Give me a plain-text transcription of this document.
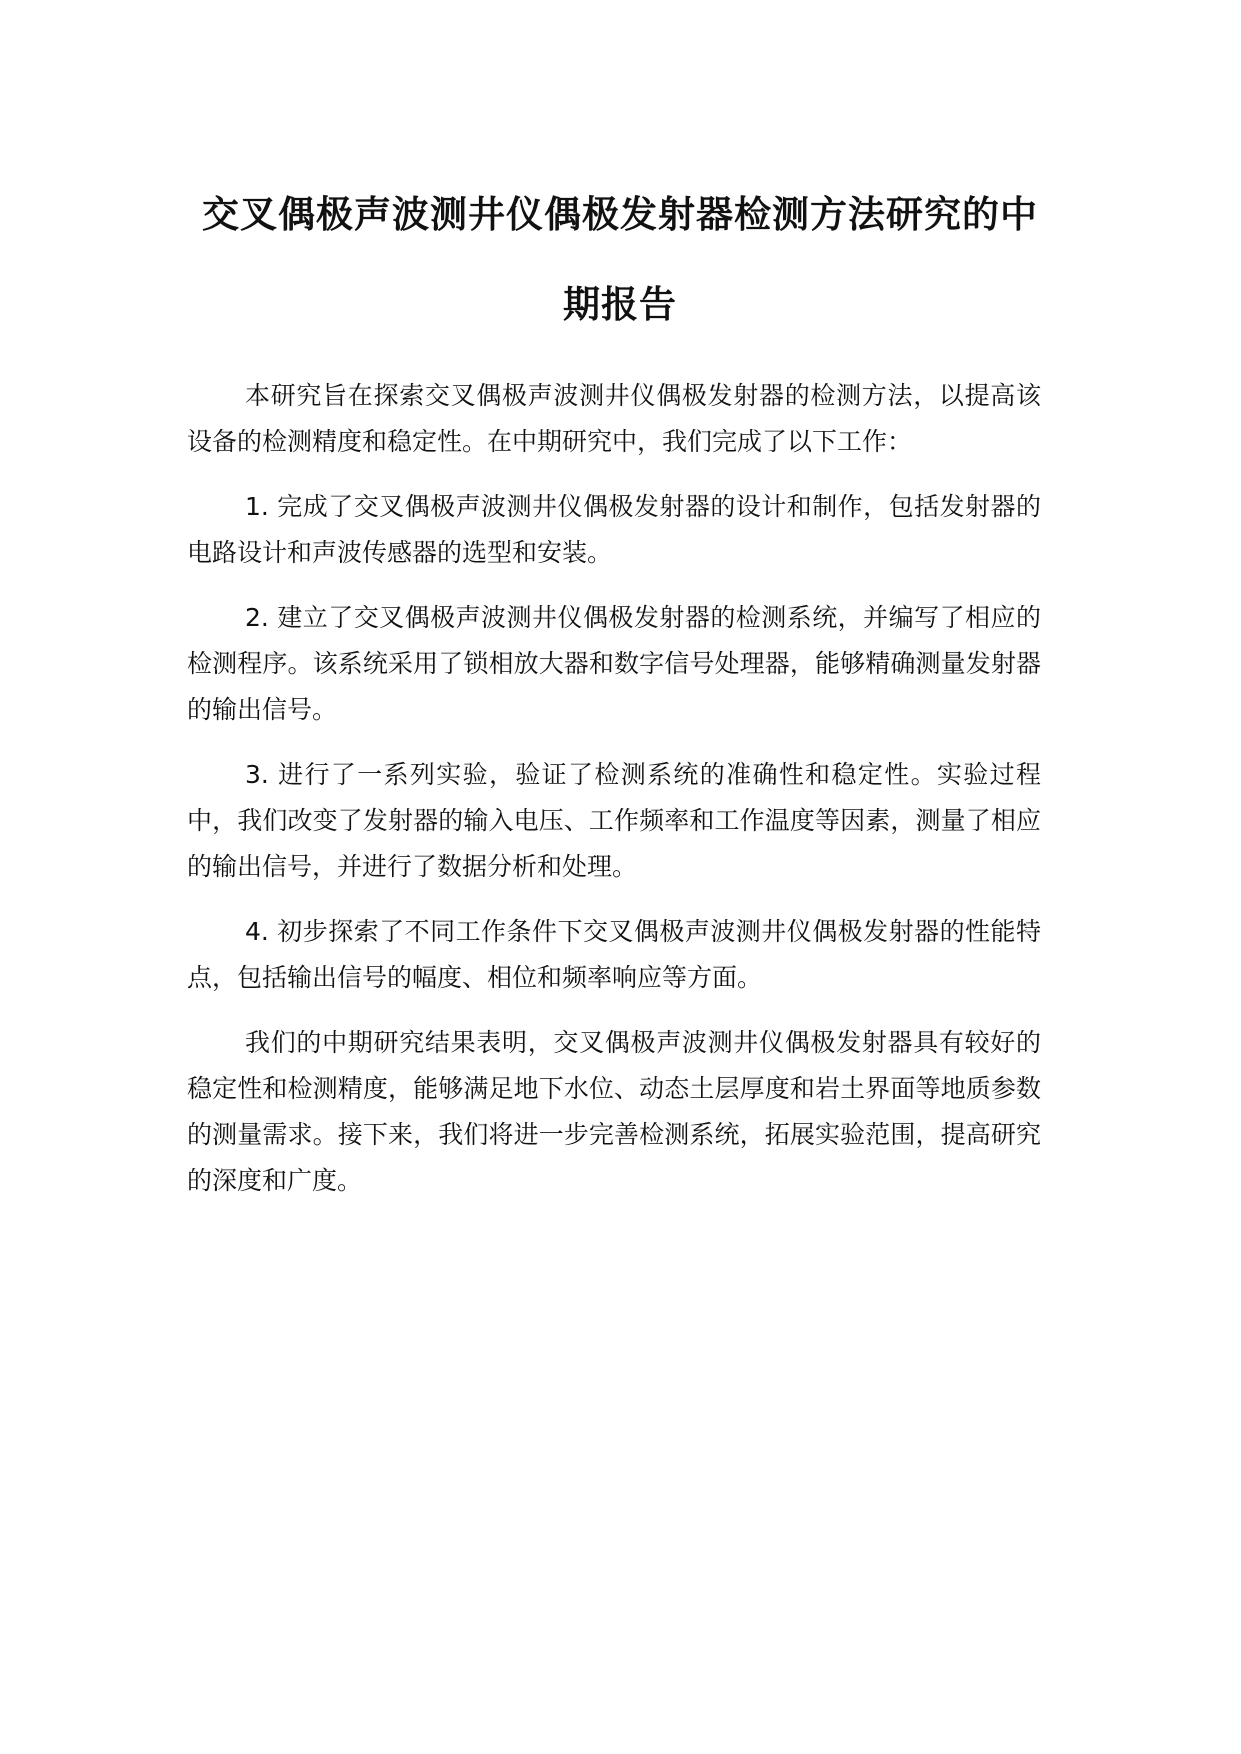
交叉偶极声波测井仪偶极发射器检测方法研究的中期报告

本研究旨在探索交叉偶极声波测井仪偶极发射器的检测方法，以提高该设备的检测精度和稳定性。在中期研究中，我们完成了以下工作：

1. 完成了交叉偶极声波测井仪偶极发射器的设计和制作，包括发射器的电路设计和声波传感器的选型和安装。

2. 建立了交叉偶极声波测井仪偶极发射器的检测系统，并编写了相应的检测程序。该系统采用了锁相放大器和数字信号处理器，能够精确测量发射器的输出信号。

3. 进行了一系列实验，验证了检测系统的准确性和稳定性。实验过程中，我们改变了发射器的输入电压、工作频率和工作温度等因素，测量了相应的输出信号，并进行了数据分析和处理。

4. 初步探索了不同工作条件下交叉偶极声波测井仪偶极发射器的性能特点，包括输出信号的幅度、相位和频率响应等方面。

我们的中期研究结果表明，交叉偶极声波测井仪偶极发射器具有较好的稳定性和检测精度，能够满足地下水位、动态土层厚度和岩土界面等地质参数的测量需求。接下来，我们将进一步完善检测系统，拓展实验范围，提高研究的深度和广度。
